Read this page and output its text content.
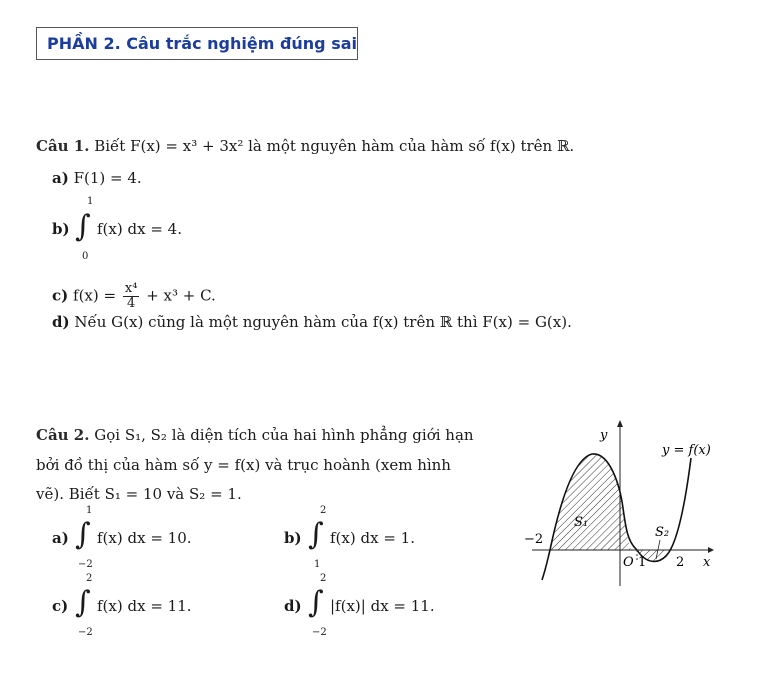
PHẦN 2. Câu trắc nghiệm đúng sai
Câu 1. Biết F(x) = x³ + 3x² là một nguyên hàm của hàm số f(x) trên ℝ.
a) F(1) = 4.
b) ∫
1
0
f(x) dx = 4.
c) $f(x) = \frac{\text{x⁴}}{4} + x^3 + C$.
d) Nếu G(x) cũng là một nguyên hàm của f(x) trên ℝ thì F(x) = G(x).
Câu 2. Gọi S₁, S₂ là diện tích của hai hình phẳng giới hạn
bởi đồ thị của hàm số y = f(x) và trục hoành (xem hình
vẽ). Biết S₁ = 10 và S₂ = 1.
a) ∫
1
−2
f(x) dx = 10.	b) ∫
2
1
f(x) dx = 1.
c) ∫
2
−2
f(x) dx = 11.	d) ∫
2
−2
|f(x)| dx = 11.
y
x
y = f(x)
O
−2
1 2
S₁
S₂
